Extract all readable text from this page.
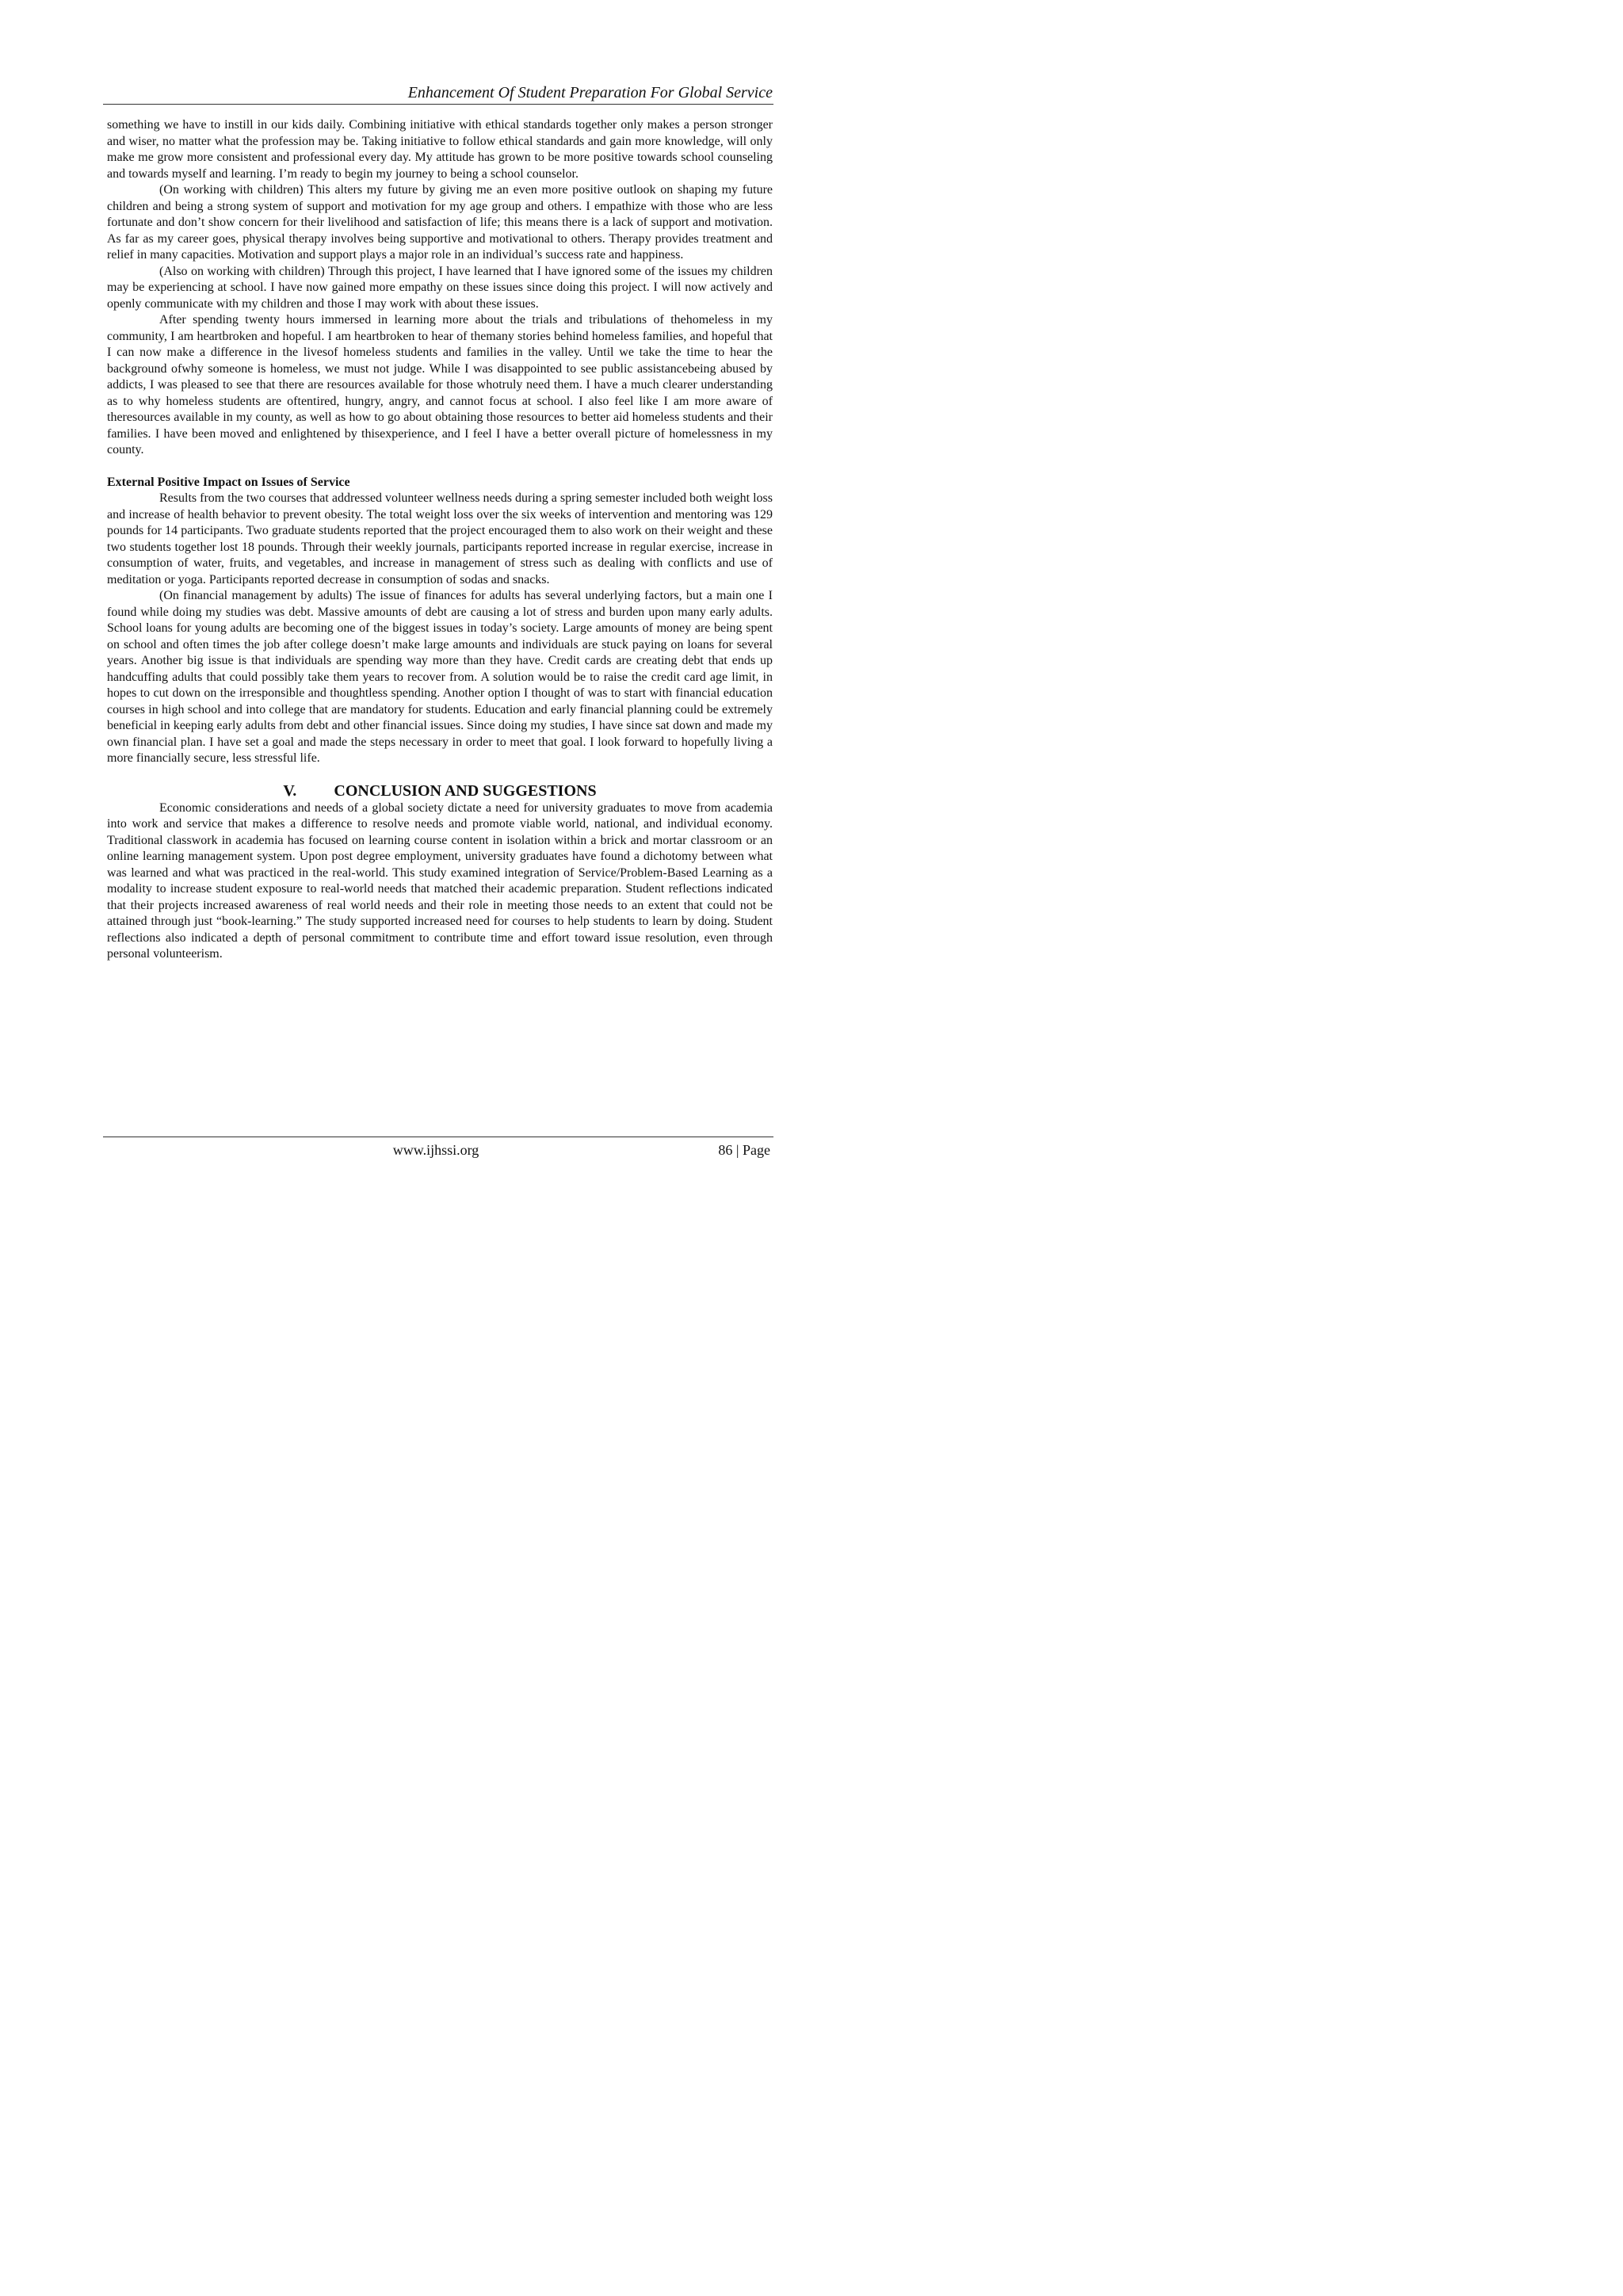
Enhancement Of Student Preparation For Global Service

something we have to instill in our kids daily. Combining initiative with ethical standards together only makes a person stronger and wiser, no matter what the profession may be. Taking initiative to follow ethical standards and gain more knowledge, will only make me grow more consistent and professional every day. My attitude has grown to be more positive towards school counseling and towards myself and learning. I’m ready to begin my journey to being a school counselor.

(On working with children) This alters my future by giving me an even more positive outlook on shaping my future children and being a strong system of support and motivation for my age group and others. I empathize with those who are less fortunate and don’t show concern for their livelihood and satisfaction of life; this means there is a lack of support and motivation. As far as my career goes, physical therapy involves being supportive and motivational to others. Therapy provides treatment and relief in many capacities. Motivation and support plays a major role in an individual’s success rate and happiness.

(Also on working with children) Through this project, I have learned that I have ignored some of the issues my children may be experiencing at school. I have now gained more empathy on these issues since doing this project. I will now actively and openly communicate with my children and those I may work with about these issues.

After spending twenty hours immersed in learning more about the trials and tribulations of thehomeless in my community, I am heartbroken and hopeful. I am heartbroken to hear of themany stories behind homeless families, and hopeful that I can now make a difference in the livesof homeless students and families in the valley. Until we take the time to hear the background ofwhy someone is homeless, we must not judge. While I was disappointed to see public assistancebeing abused by addicts, I was pleased to see that there are resources available for those whotruly need them. I have a much clearer understanding as to why homeless students are oftentired, hungry, angry, and cannot focus at school. I also feel like I am more aware of theresources available in my county, as well as how to go about obtaining those resources to better aid homeless students and their families. I have been moved and enlightened by thisexperience, and I feel I have a better overall picture of homelessness in my county.

External Positive Impact on Issues of Service

Results from the two courses that addressed volunteer wellness needs during a spring semester included both weight loss and increase of health behavior to prevent obesity. The total weight loss over the six weeks of intervention and mentoring was 129 pounds for 14 participants. Two graduate students reported that the project encouraged them to also work on their weight and these two students together lost 18 pounds. Through their weekly journals, participants reported increase in regular exercise, increase in consumption of water, fruits, and vegetables, and increase in management of stress such as dealing with conflicts and use of meditation or yoga. Participants reported decrease in consumption of sodas and snacks.

(On financial management by adults) The issue of finances for adults has several underlying factors, but a main one I found while doing my studies was debt. Massive amounts of debt are causing a lot of stress and burden upon many early adults. School loans for young adults are becoming one of the biggest issues in today’s society. Large amounts of money are being spent on school and often times the job after college doesn’t make large amounts and individuals are stuck paying on loans for several years. Another big issue is that individuals are spending way more than they have. Credit cards are creating debt that ends up handcuffing adults that could possibly take them years to recover from. A solution would be to raise the credit card age limit, in hopes to cut down on the irresponsible and thoughtless spending. Another option I thought of was to start with financial education courses in high school and into college that are mandatory for students. Education and early financial planning could be extremely beneficial in keeping early adults from debt and other financial issues. Since doing my studies, I have since sat down and made my own financial plan. I have set a goal and made the steps necessary in order to meet that goal. I look forward to hopefully living a more financially secure, less stressful life.

V. CONCLUSION AND SUGGESTIONS

Economic considerations and needs of a global society dictate a need for university graduates to move from academia into work and service that makes a difference to resolve needs and promote viable world, national, and individual economy. Traditional classwork in academia has focused on learning course content in isolation within a brick and mortar classroom or an online learning management system. Upon post degree employment, university graduates have found a dichotomy between what was learned and what was practiced in the real-world. This study examined integration of Service/Problem-Based Learning as a modality to increase student exposure to real-world needs that matched their academic preparation. Student reflections indicated that their projects increased awareness of real world needs and their role in meeting those needs to an extent that could not be attained through just “book-learning.” The study supported increased need for courses to help students to learn by doing. Student reflections also indicated a depth of personal commitment to contribute time and effort toward issue resolution, even through personal volunteerism.

www.ijhssi.org	86 | Page
